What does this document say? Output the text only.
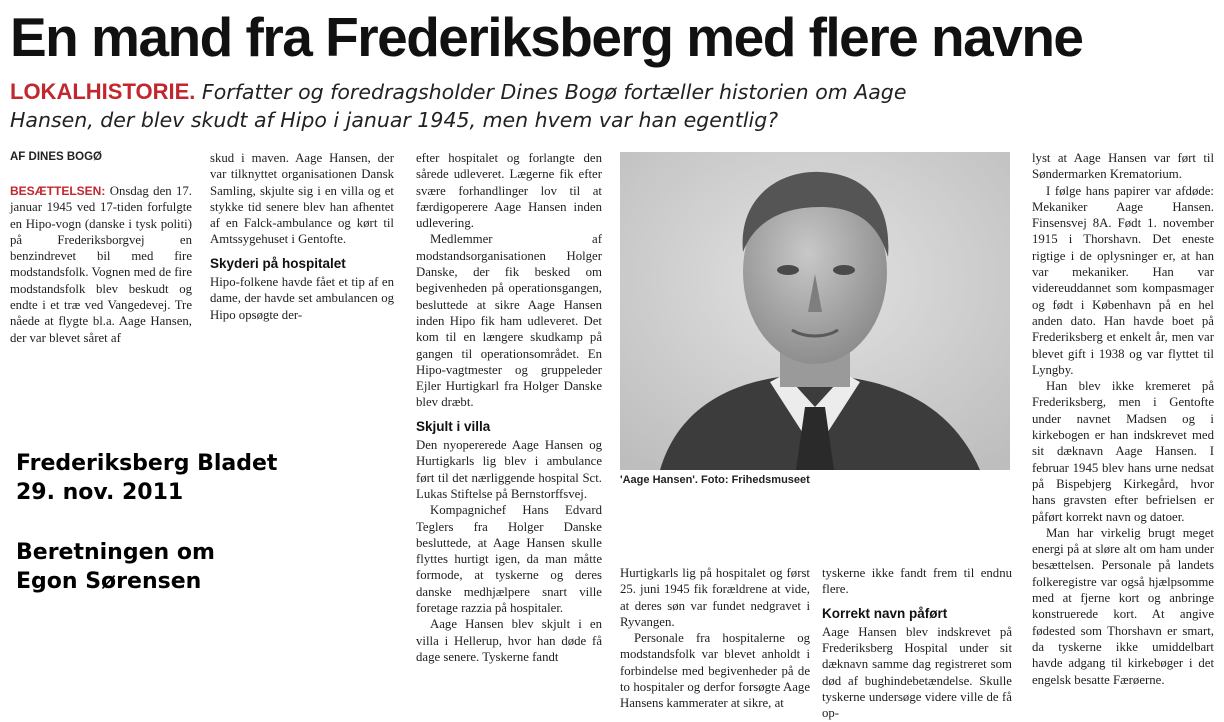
En mand fra Frederiksberg med flere navne
LOKALHISTORIE. Forfatter og foredragsholder Dines Bogø fortæller historien om Aage Hansen, der blev skudt af Hipo i januar 1945, men hvem var han egentlig?
AF DINES BOGØ

BESÆTTELSEN: Onsdag den 17. januar 1945 ved 17-tiden forfulgte en Hipo-vogn (danske i tysk politi) på Frederiksborgvej en benzindrevet bil med fire modstandsfolk. Vognen med de fire modstandsfolk blev beskudt og endte i et træ ved Vangedevej. Tre nåede at flygte bl.a. Aage Hansen, der var blevet såret af

skud i maven. Aage Hansen, der var tilknyttet organisationen Dansk Samling, skjulte sig i en villa og et stykke tid senere blev han afhentet af en Falck-ambulance og kørt til Amtssygehuset i Gentofte.

Skyderi på hospitalet

Hipo-folkene havde fået et tip af en dame, der havde set ambulancen og Hipo opsøgte der-

efter hospitalet og forlangte den sårede udleveret. Lægerne fik efter svære forhandlinger lov til at færdigoperere Aage Hansen inden udlevering.

Medlemmer af modstandsorganisationen Holger Danske, der fik besked om begivenheden på operationsgangen, besluttede at sikre Aage Hansen inden Hipo fik ham udleveret. Det kom til en længere skudkamp på gangen til operationsområdet. En Hipo-vagtmester og gruppeleder Ejler Hurtigkarl fra Holger Danske blev dræbt.

Skjult i villa

Den nyopererede Aage Hansen og Hurtigkarls lig blev i ambulance ført til det nærliggende hospital Sct. Lukas Stiftelse på Bernstorffsvej.

Kompagnichef Hans Edvard Teglers fra Holger Danske besluttede, at Aage Hansen skulle flyttes hurtigt igen, da man måtte formode, at tyskerne og deres danske medhjælpere snart ville foretage razzia på hospitaler.

Aage Hansen blev skjult i en villa i Hellerup, hvor han døde få dage senere. Tyskerne fandt

'Aage Hansen'. Foto: Frihedsmuseet

Hurtigkarls lig på hospitalet og først 25. juni 1945 fik forældrene at vide, at deres søn var fundet nedgravet i Ryvangen.

Personale fra hospitalerne og modstandsfolk var blevet anholdt i forbindelse med begivenheder på de to hospitaler og derfor forsøgte Aage Hansens kammerater at sikre, at

tyskerne ikke fandt frem til endnu flere.

Korrekt navn påført

Aage Hansen blev indskrevet på Frederiksberg Hospital under sit dæknavn samme dag registreret som død af bughindebetændelse. Skulle tyskerne undersøge videre ville de få op-

lyst at Aage Hansen var ført til Søndermarken Krematorium.

I følge hans papirer var afdøde: Mekaniker Aage Hansen. Finsensvej 8A. Født 1. november 1915 i Thorshavn. Det eneste rigtige i de oplysninger er, at han var mekaniker. Han var videreuddannet som kompasmager og født i København på en hel anden dato. Han havde boet på Frederiksberg et enkelt år, men var blevet gift i 1938 og var flyttet til Lyngby.

Han blev ikke kremeret på Frederiksberg, men i Gentofte under navnet Madsen og i kirkebogen er han indskrevet med sit dæknavn Aage Hansen. I februar 1945 blev hans urne nedsat på Bispebjerg Kirkegård, hvor hans gravsten efter befrielsen er påført korrekt navn og datoer.

Man har virkelig brugt meget energi på at sløre alt om ham under besættelsen. Personale på landets folkeregistre var også hjælpsomme med at fjerne kort og anbringe konstruerede kort. At angive fødested som Thorshavn er smart, da tyskerne ikke umiddelbart havde adgang til kirkebøger i det engelsk besatte Færøerne.

Frederiksberg Bladet
29. nov. 2011
Beretningen om
Egon Sørensen
